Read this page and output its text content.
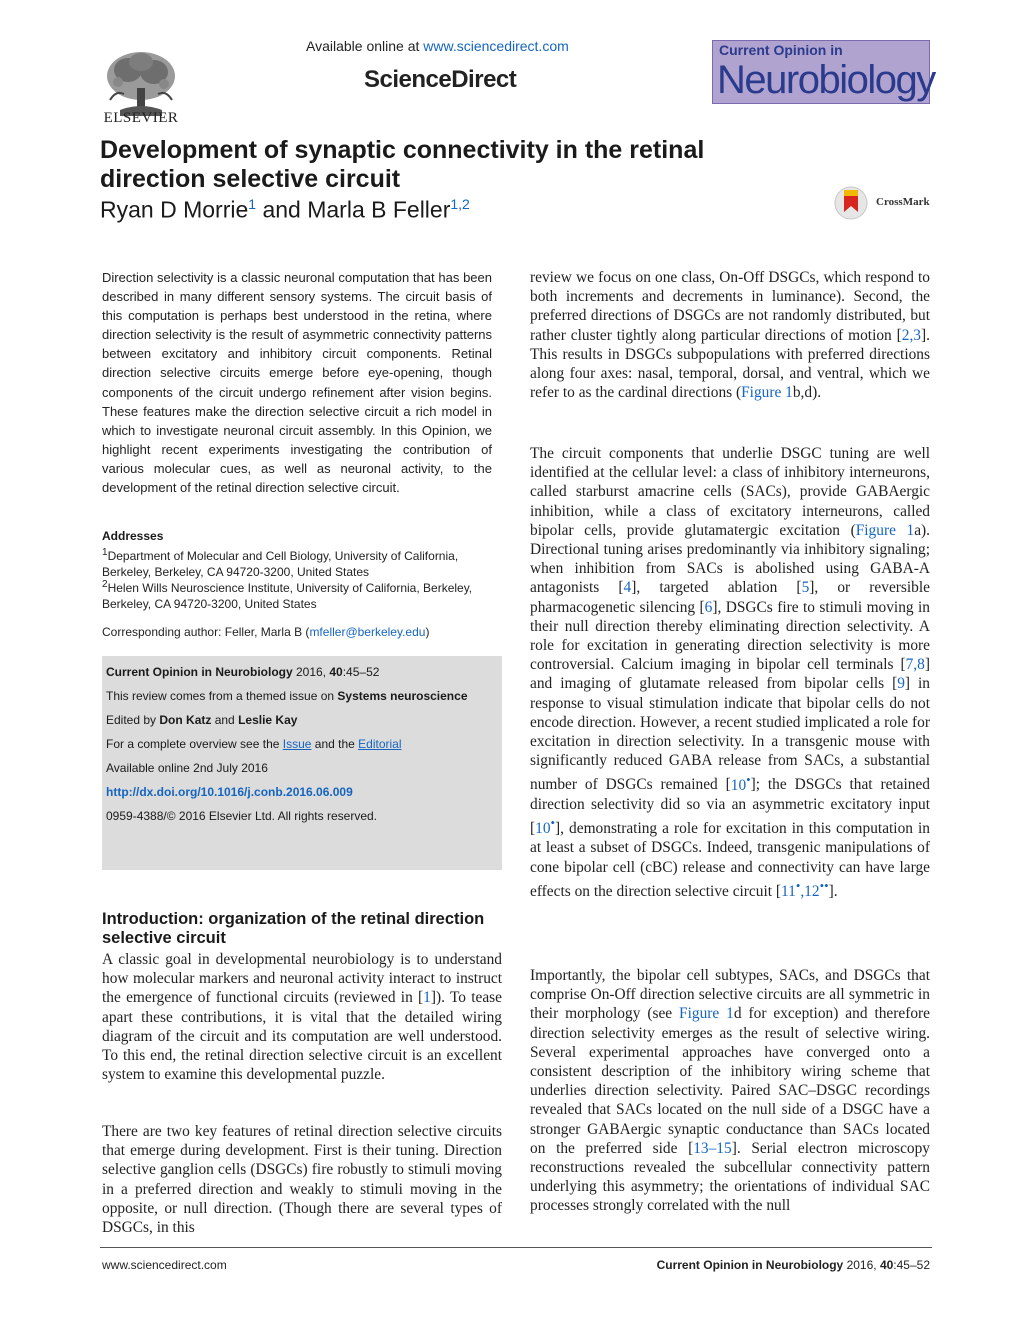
ELSEVIER
Available online at www.sciencedirect.com
ScienceDirect
Current Opinion in
Neurobiology
Development of synaptic connectivity in the retinal direction selective circuit
Ryan D Morrie$^1$ and Marla B Feller$^{1,2}$	CrossMark
Direction selectivity is a classic neuronal computation that has been described in many different sensory systems. The circuit basis of this computation is perhaps best understood in the retina, where direction selectivity is the result of asymmetric connectivity patterns between excitatory and inhibitory circuit components. Retinal direction selective circuits emerge before eye-opening, though components of the circuit undergo refinement after vision begins. These features make the direction selective circuit a rich model in which to investigate neuronal circuit assembly. In this Opinion, we highlight recent experiments investigating the contribution of various molecular cues, as well as neuronal activity, to the development of the retinal direction selective circuit.
Addresses
$^1$Department of Molecular and Cell Biology, University of California, Berkeley, Berkeley, CA 94720-3200, United States
$^2$Helen Wills Neuroscience Institute, University of California, Berkeley, Berkeley, CA 94720-3200, United States
Corresponding author: Feller, Marla B (mfeller@berkeley.edu)
Current Opinion in Neurobiology 2016, 40:45–52
This review comes from a themed issue on Systems neuroscience
Edited by Don Katz and Leslie Kay
For a complete overview see the Issue and the Editorial
Available online 2nd July 2016
http://dx.doi.org/10.1016/j.conb.2016.06.009
0959-4388/© 2016 Elsevier Ltd. All rights reserved.
Introduction: organization of the retinal direction selective circuit
A classic goal in developmental neurobiology is to understand how molecular markers and neuronal activity interact to instruct the emergence of functional circuits (reviewed in [1]). To tease apart these contributions, it is vital that the detailed wiring diagram of the circuit and its computation are well understood. To this end, the retinal direction selective circuit is an excellent system to examine this developmental puzzle.
There are two key features of retinal direction selective circuits that emerge during development. First is their tuning. Direction selective ganglion cells (DSGCs) fire robustly to stimuli moving in a preferred direction and weakly to stimuli moving in the opposite, or null direction. (Though there are several types of DSGCs, in this
review we focus on one class, On-Off DSGCs, which respond to both increments and decrements in luminance). Second, the preferred directions of DSGCs are not randomly distributed, but rather cluster tightly along particular directions of motion [2,3]. This results in DSGCs subpopulations with preferred directions along four axes: nasal, temporal, dorsal, and ventral, which we refer to as the cardinal directions (Figure 1b,d).
The circuit components that underlie DSGC tuning are well identified at the cellular level: a class of inhibitory interneurons, called starburst amacrine cells (SACs), provide GABAergic inhibition, while a class of excitatory interneurons, called bipolar cells, provide glutamatergic excitation (Figure 1a). Directional tuning arises predominantly via inhibitory signaling; when inhibition from SACs is abolished using GABA-A antagonists [4], targeted ablation [5], or reversible pharmacogenetic silencing [6], DSGCs fire to stimuli moving in their null direction thereby eliminating direction selectivity. A role for excitation in generating direction selectivity is more controversial. Calcium imaging in bipolar cell terminals [7,8] and imaging of glutamate released from bipolar cells [9] in response to visual stimulation indicate that bipolar cells do not encode direction. However, a recent studied implicated a role for excitation in direction selectivity. In a transgenic mouse with significantly reduced GABA release from SACs, a substantial number of DSGCs remained [10•]; the DSGCs that retained direction selectivity did so via an asymmetric excitatory input [10•], demonstrating a role for excitation in this computation in at least a subset of DSGCs. Indeed, transgenic manipulations of cone bipolar cell (cBC) release and connectivity can have large effects on the direction selective circuit [11•,12••].
Importantly, the bipolar cell subtypes, SACs, and DSGCs that comprise On-Off direction selective circuits are all symmetric in their morphology (see Figure 1d for exception) and therefore direction selectivity emerges as the result of selective wiring. Several experimental approaches have converged onto a consistent description of the inhibitory wiring scheme that underlies direction selectivity. Paired SAC–DSGC recordings revealed that SACs located on the null side of a DSGC have a stronger GABAergic synaptic conductance than SACs located on the preferred side [13–15]. Serial electron microscopy reconstructions revealed the subcellular connectivity pattern underlying this asymmetry; the orientations of individual SAC processes strongly correlated with the null
www.sciencedirect.com	Current Opinion in Neurobiology 2016, 40:45–52
